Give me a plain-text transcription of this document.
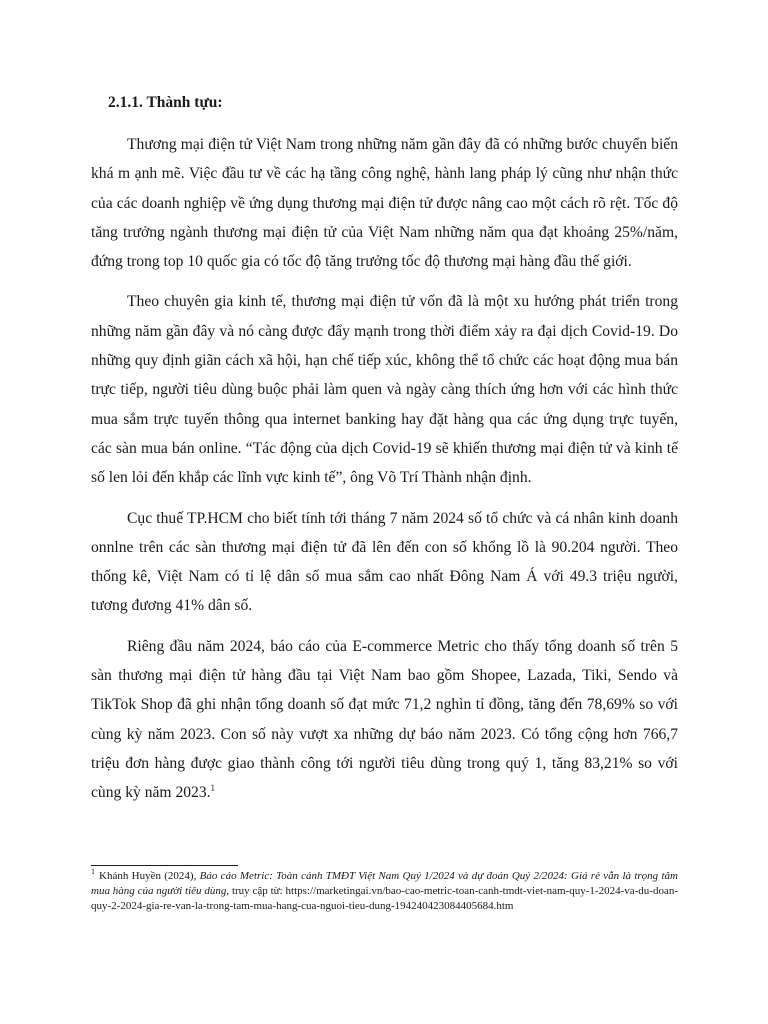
2.1.1. Thành tựu:

Thương mại điện tử Việt Nam trong những năm gần đây đã có những bước chuyển biến khá m ạnh mẽ. Việc đầu tư về các hạ tầng công nghệ, hành lang pháp lý cũng như nhận thức của các doanh nghiệp về ứng dụng thương mại điện tử được nâng cao một cách rõ rệt. Tốc độ tăng trưởng ngành thương mại điện tử của Việt Nam những năm qua đạt khoảng 25%/năm, đứng trong top 10 quốc gia có tốc độ tăng trưởng tốc độ thương mại hàng đầu thế giới.

Theo chuyên gia kinh tế, thương mại điện tử vốn đã là một xu hướng phát triển trong những năm gần đây và nó càng được đẩy mạnh trong thời điểm xảy ra đại dịch Covid-19. Do những quy định giãn cách xã hội, hạn chế tiếp xúc, không thể tổ chức các hoạt động mua bán trực tiếp, người tiêu dùng buộc phải làm quen và ngày càng thích ứng hơn với các hình thức mua sắm trực tuyến thông qua internet banking hay đặt hàng qua các ứng dụng trực tuyến, các sàn mua bán online. “Tác động của dịch Covid-19 sẽ khiến thương mại điện tử và kinh tế số len lỏi đến khắp các lĩnh vực kinh tế”, ông Võ Trí Thành nhận định.

Cục thuế TP.HCM cho biết tính tới tháng 7 năm 2024 số tổ chức và cá nhân kinh doanh onnlne trên các sàn thương mại điện tử đã lên đến con số khổng lồ là 90.204 người. Theo thống kê, Việt Nam có tỉ lệ dân số mua sắm cao nhất Đông Nam Á với 49.3 triệu người, tương đương 41% dân số.

Riêng đầu năm 2024, báo cáo của E-commerce Metric cho thấy tổng doanh số trên 5 sàn thương mại điện tử hàng đầu tại Việt Nam bao gồm Shopee, Lazada, Tiki, Sendo và TikTok Shop đã ghi nhận tổng doanh số đạt mức 71,2 nghìn tỉ đồng, tăng đến 78,69% so với cùng kỳ năm 2023. Con số này vượt xa những dự báo năm 2023. Có tổng cộng hơn 766,7 triệu đơn hàng được giao thành công tới người tiêu dùng trong quý 1, tăng 83,21% so với cùng kỳ năm 2023.$^1$

$^1$ Khánh Huyền (2024), Báo cáo Metric: Toàn cảnh TMĐT Việt Nam Quý 1/2024 và dự đoán Quý 2/2024: Giá rẻ vẫn là trọng tâm mua hàng của người tiêu dùng, truy cập từ: https://marketingai.vn/bao-cao-metric-toan-canh-tmdt-viet-nam-quy-1-2024-va-du-doan-quy-2-2024-gia-re-van-la-trong-tam-mua-hang-cua-nguoi-tieu-dung-194240423084405684.htm
